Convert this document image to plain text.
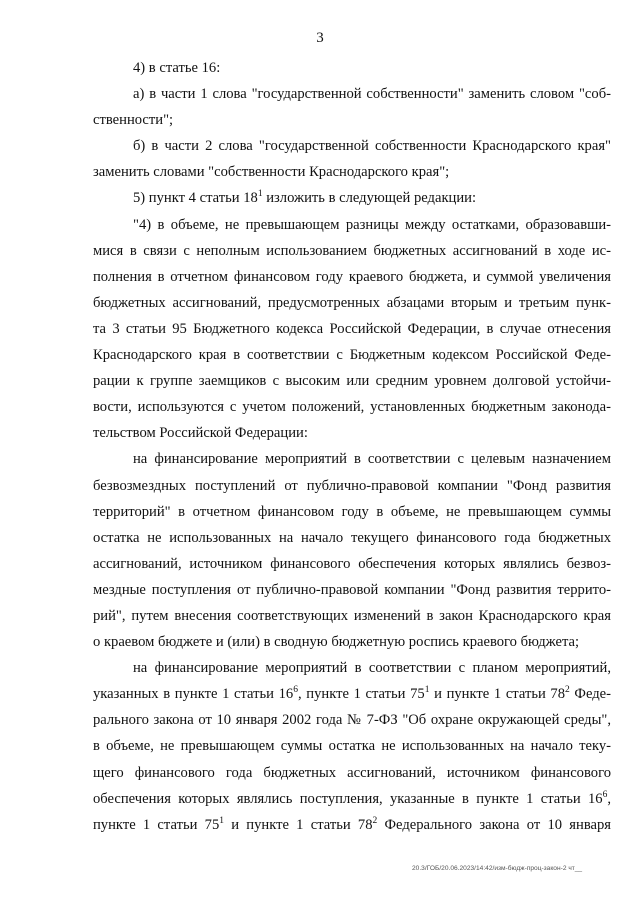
3
4) в статье 16:
а) в части 1 слова "государственной собственности" заменить словом "соб-
ственности";
б) в части 2 слова "государственной собственности Краснодарского края"
заменить словами "собственности Краснодарского края";
5) пункт 4 статьи $18^1$ изложить в следующей редакции:
"4) в объеме, не превышающем разницы между остатками, образовавши-
мися в связи с неполным использованием бюджетных ассигнований в ходе ис-
полнения в отчетном финансовом году краевого бюджета, и суммой увеличения
бюджетных ассигнований, предусмотренных абзацами вторым и третьим пунк-
та 3 статьи 95 Бюджетного кодекса Российской Федерации, в случае отнесения
Краснодарского края в соответствии с Бюджетным кодексом Российской Феде-
рации к группе заемщиков с высоким или средним уровнем долговой устойчи-
вости, используются с учетом положений, установленных бюджетным законода-
тельством Российской Федерации:
на финансирование мероприятий в соответствии с целевым назначением
безвозмездных поступлений от публично-правовой компании "Фонд развития
территорий" в отчетном финансовом году в объеме, не превышающем суммы
остатка не использованных на начало текущего финансового года бюджетных
ассигнований, источником финансового обеспечения которых являлись безвоз-
мездные поступления от публично-правовой компании "Фонд развития террито-
рий", путем внесения соответствующих изменений в закон Краснодарского края
о краевом бюджете и (или) в сводную бюджетную роспись краевого бюджета;
на финансирование мероприятий в соответствии с планом мероприятий,
указанных в пункте 1 статьи $16^6$, пункте 1 статьи $75^1$ и пункте 1 статьи $78^2$ Феде-
рального закона от 10 января 2002 года № 7-ФЗ "Об охране окружающей среды",
в объеме, не превышающем суммы остатка не использованных на начало теку-
щего финансового года бюджетных ассигнований, источником финансового
обеспечения которых являлись поступления, указанные в пункте 1 статьи $16^6$,
пункте 1 статьи $75^1$ и пункте 1 статьи $78^2$ Федерального закона от 10 января
20.3/ГОБ/20.06.2023/14:42/изм-бюдж-проц-закон-2 чт__
